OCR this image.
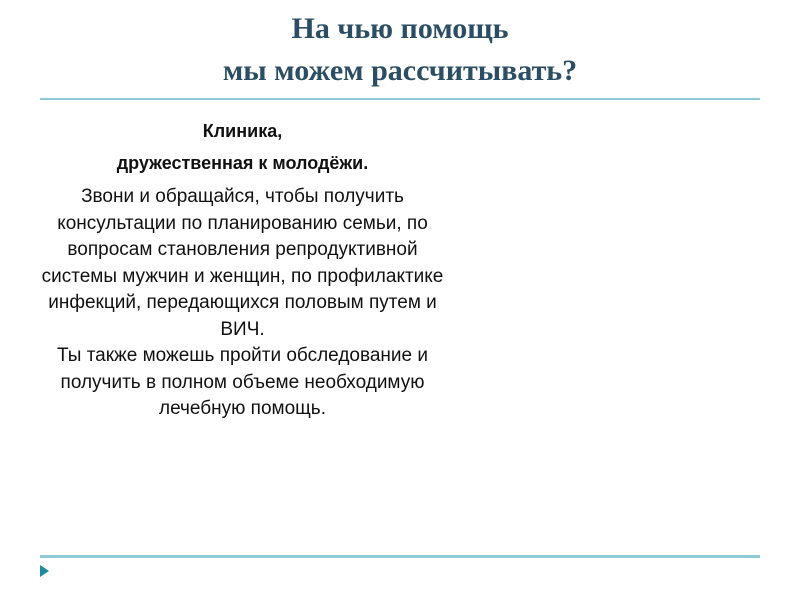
На чью помощь
мы можем рассчитывать?
Клиника,
дружественная к молодёжи.
Звони и обращайся, чтобы получить консультации по планированию семьи, по вопросам становления репродуктивной системы мужчин и женщин, по профилактике инфекций, передающихся половым путем и ВИЧ.
Ты также можешь пройти обследование и получить в полном объеме необходимую лечебную помощь.
